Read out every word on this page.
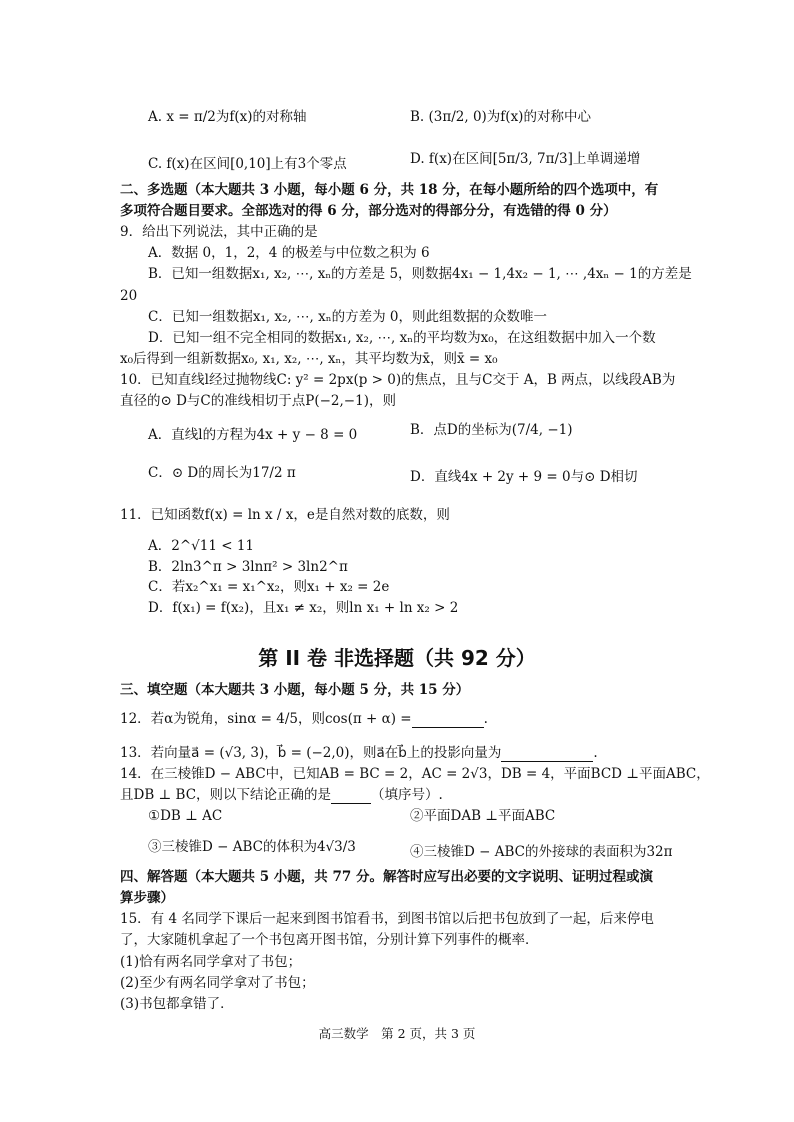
A. x = π/2为f(x)的对称轴	B. (3π/2, 0)为f(x)的对称中心
C. f(x)在区间[0,10]上有3个零点	D. f(x)在区间[5π/3, 7π/3]上单调递增
二、多选题（本大题共 3 小题，每小题 6 分，共 18 分，在每小题所给的四个选项中，有
多项符合题目要求。全部选对的得 6 分，部分选对的得部分分，有选错的得 0 分）
9．给出下列说法，其中正确的是
A．数据 0，1，2，4 的极差与中位数之积为 6
B．已知一组数据x₁, x₂, ⋯, xₙ的方差是 5，则数据4x₁ − 1,4x₂ − 1, ⋯ ,4xₙ − 1的方差是
20
C．已知一组数据x₁, x₂, ⋯, xₙ的方差为 0，则此组数据的众数唯一
D．已知一组不完全相同的数据x₁, x₂, ⋯, xₙ的平均数为x₀，在这组数据中加入一个数
x₀后得到一组新数据x₀, x₁, x₂, ⋯, xₙ，其平均数为x̄，则x̄ = x₀
10．已知直线l经过抛物线C: y² = 2px(p > 0)的焦点，且与C交于 A，B 两点，以线段AB为
直径的⊙ D与C的准线相切于点P(−2,−1)，则
A．直线l的方程为4x + y − 8 = 0	B．点D的坐标为(7/4, −1)
C．⊙ D的周长为17/2 π	D．直线4x + 2y + 9 = 0与⊙ D相切
11．已知函数f(x) = ln x / x，e是自然对数的底数，则
A．2^√11 < 11
B．2ln3^π > 3lnπ² > 3ln2^π
C．若x₂^x₁ = x₁^x₂，则x₁ + x₂ = 2e
D．f(x₁) = f(x₂)，且x₁ ≠ x₂，则ln x₁ + ln x₂ > 2
第 II 卷 非选择题（共 92 分）
三、填空题（本大题共 3 小题，每小题 5 分，共 15 分）
12．若α为锐角，sinα = 4/5，则cos(π + α) =	.
13．若向量a⃗ = (√3, 3)，b⃗ = (−2,0)，则a⃗在b⃗上的投影向量为	.
14．在三棱锥D − ABC中，已知AB = BC = 2，AC = 2√3，DB = 4，平面BCD ⊥平面ABC，
且DB ⊥ BC，则以下结论正确的是	（填序号）.
①DB ⊥ AC	②平面DAB ⊥平面ABC
③三棱锥D − ABC的体积为4√3/3	④三棱锥D − ABC的外接球的表面积为32π
四、解答题（本大题共 5 小题，共 77 分。解答时应写出必要的文字说明、证明过程或演
算步骤）
15．有 4 名同学下课后一起来到图书馆看书，到图书馆以后把书包放到了一起，后来停电
了，大家随机拿起了一个书包离开图书馆，分别计算下列事件的概率．
(1)恰有两名同学拿对了书包；
(2)至少有两名同学拿对了书包；
(3)书包都拿错了．
高三数学　第 2 页，共 3 页
